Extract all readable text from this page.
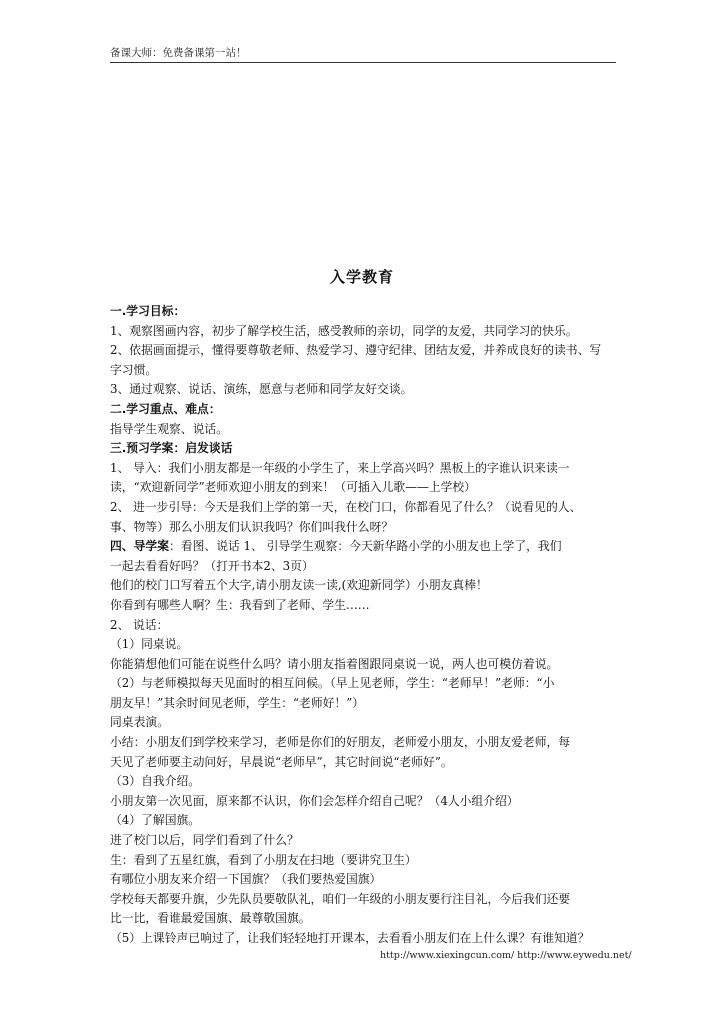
备课大师：免费备课第一站！
入学教育
一.学习目标：
1、观察图画内容，初步了解学校生活，感受教师的亲切，同学的友爱，共同学习的快乐。
2、依据画面提示，懂得要尊敬老师、热爱学习、遵守纪律、团结友爱，并养成良好的读书、写
字习惯。
3、通过观察、说话、演练，愿意与老师和同学友好交谈。
二.学习重点、难点：
指导学生观察、说话。
三.预习学案：启发谈话
1、 导入：我们小朋友都是一年级的小学生了，来上学高兴吗？黑板上的字谁认识来读一
读，“欢迎新同学”老师欢迎小朋友的到来！（可插入儿歌——上学校）
2、 进一步引导：今天是我们上学的第一天，在校门口，你都看见了什么？（说看见的人、
事、物等）那么小朋友们认识我吗？你们叫我什么呀？
四、导学案：看图、说话 1、 引导学生观察：今天新华路小学的小朋友也上学了，我们
一起去看看好吗？（打开书本2、3页）
他们的校门口写着五个大字,请小朋友读一读,(欢迎新同学）小朋友真棒！
你看到有哪些人啊？生：我看到了老师、学生……
2、 说话：
（1）同桌说。
你能猜想他们可能在说些什么吗？请小朋友指着图跟同桌说一说，两人也可模仿着说。
（2）与老师模拟每天见面时的相互问候。（早上见老师，学生：“老师早！”老师：“小
朋友早！”其余时间见老师，学生：“老师好！”）
同桌表演。
小结：小朋友们到学校来学习，老师是你们的好朋友，老师爱小朋友，小朋友爱老师，每
天见了老师要主动问好，早晨说“老师早”，其它时间说“老师好”。
（3）自我介绍。
小朋友第一次见面，原来都不认识，你们会怎样介绍自己呢？（4人小组介绍）
（4）了解国旗。
进了校门以后，同学们看到了什么？
生：看到了五星红旗，看到了小朋友在扫地（要讲究卫生）
有哪位小朋友来介绍一下国旗？（我们要热爱国旗）
学校每天都要升旗，少先队员要敬队礼，咱们一年级的小朋友要行注目礼，今后我们还要
比一比，看谁最爱国旗、最尊敬国旗。
（5）上课铃声已响过了，让我们轻轻地打开课本，去看看小朋友们在上什么课？有谁知道？
http://www.xiexingcun.com/ http://www.eywedu.net/
